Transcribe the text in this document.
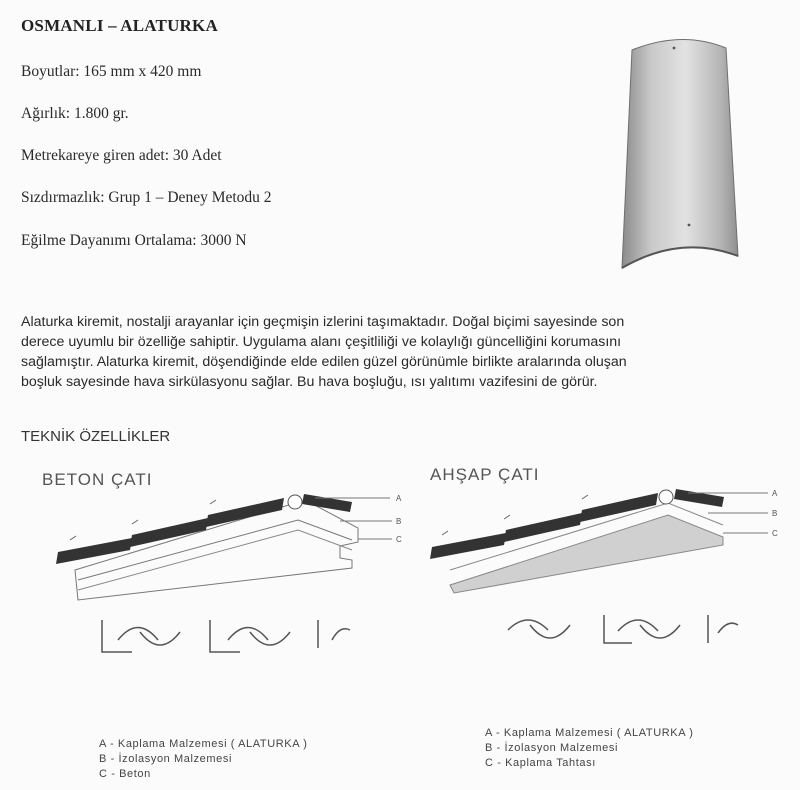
OSMANLI – ALATURKA
Boyutlar: 165 mm x 420 mm
Ağırlık: 1.800 gr.
Metrekareye giren adet: 30 Adet
Sızdırmazlık: Grup 1 – Deney Metodu 2
Eğilme Dayanımı Ortalama: 3000 N
Alaturka kiremit, nostalji arayanlar için geçmişin izlerini taşımaktadır. Doğal biçimi sayesinde son
derece uyumlu bir özelliğe sahiptir. Uygulama alanı çeşitliliği ve kolaylığı güncelliğini korumasını
sağlamıştır. Alaturka kiremit, döşendiğinde elde edilen güzel görünümle birlikte aralarında oluşan
boşluk sayesinde hava sirkülasyonu sağlar. Bu hava boşluğu, ısı yalıtımı vazifesini de görür.
TEKNİK ÖZELLİKLER
BETON ÇATI
A
B
C
A - Kaplama Malzemesi ( ALATURKA )
B - İzolasyon Malzemesi
C - Beton
AHŞAP ÇATI
A
B
C
A - Kaplama Malzemesi ( ALATURKA )
B - İzolasyon Malzemesi
C - Kaplama Tahtası
